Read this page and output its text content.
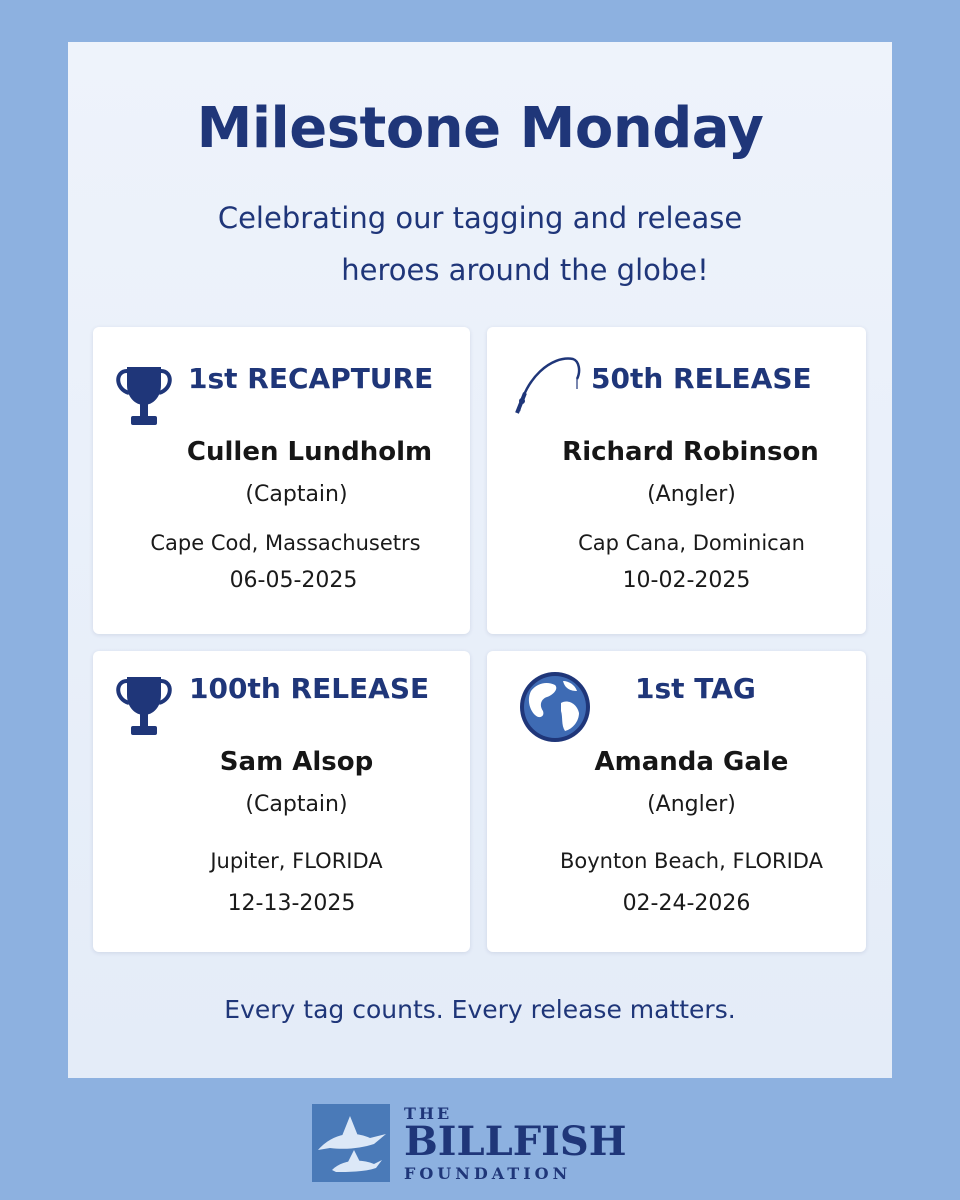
Milestone Monday
Celebrating our tagging and release
heroes around the globe!
1st RECAPTURE
Cullen Lundholm
(Captain)
Cape Cod, Massachusetrs
06-05-2025
50th RELEASE
Richard Robinson
(Angler)
Cap Cana, Dominican
10-02-2025
100th RELEASE
Sam Alsop
(Captain)
Jupiter, FLORIDA
12-13-2025
1st TAG
Amanda Gale
(Angler)
Boynton Beach, FLORIDA
02-24-2026
Every tag counts. Every release matters.
THE
BILLFISH
FOUNDATION
